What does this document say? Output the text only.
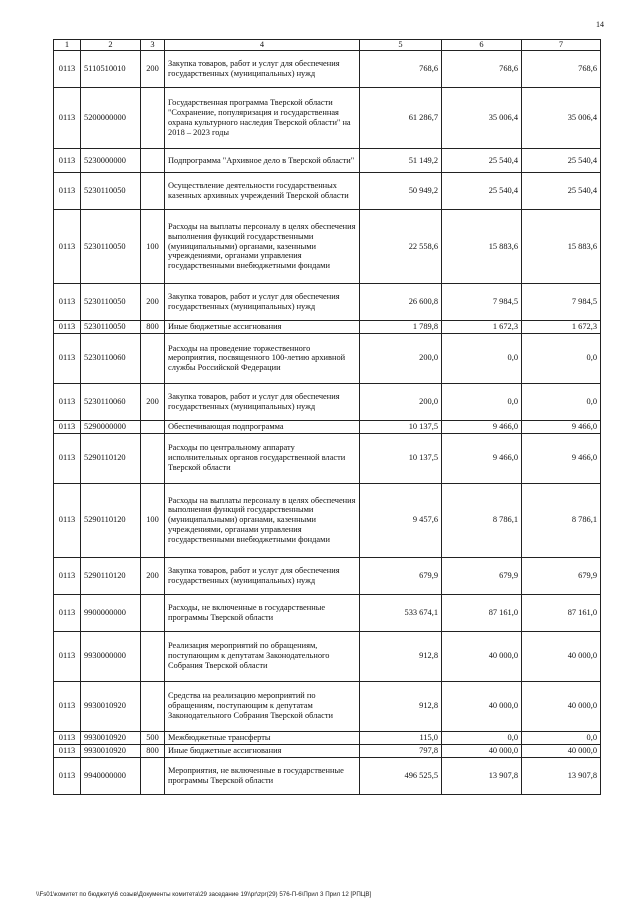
14
1	2	3	4	5	6	7
0113	5110510010	200	Закупка товаров, работ и услуг для обеспечения государственных (муниципальных) нужд	768,6	768,6	768,6
0113	5200000000		Государственная программа Тверской области "Сохранение, популяризация и государственная охрана культурного наследия Тверской области" на 2018 – 2023 годы	61 286,7	35 006,4	35 006,4
0113	5230000000		Подпрограмма "Архивное дело в Тверской области"	51 149,2	25 540,4	25 540,4
0113	5230110050		Осуществление деятельности государственных казенных архивных учреждений Тверской области	50 949,2	25 540,4	25 540,4
0113	5230110050	100	Расходы на выплаты персоналу в целях обеспечения выполнения функций государственными (муниципальными) органами, казенными учреждениями, органами управления государственными внебюджетными фондами	22 558,6	15 883,6	15 883,6
0113	5230110050	200	Закупка товаров, работ и услуг для обеспечения государственных (муниципальных) нужд	26 600,8	7 984,5	7 984,5
0113	5230110050	800	Иные бюджетные ассигнования	1 789,8	1 672,3	1 672,3
0113	5230110060		Расходы на проведение торжественного мероприятия, посвященного 100-летию архивной службы Российской Федерации	200,0	0,0	0,0
0113	5230110060	200	Закупка товаров, работ и услуг для обеспечения государственных (муниципальных) нужд	200,0	0,0	0,0
0113	5290000000		Обеспечивающая подпрограмма	10 137,5	9 466,0	9 466,0
0113	5290110120		Расходы по центральному аппарату исполнительных органов государственной власти Тверской области	10 137,5	9 466,0	9 466,0
0113	5290110120	100	Расходы на выплаты персоналу в целях обеспечения выполнения функций государственными (муниципальными) органами, казенными учреждениями, органами управления государственными внебюджетными фондами	9 457,6	8 786,1	8 786,1
0113	5290110120	200	Закупка товаров, работ и услуг для обеспечения государственных (муниципальных) нужд	679,9	679,9	679,9
0113	9900000000		Расходы, не включенные в государственные программы Тверской области	533 674,1	87 161,0	87 161,0
0113	9930000000		Реализация мероприятий по обращениям, поступающим к депутатам Законодательного Собрания Тверской области	912,8	40 000,0	40 000,0
0113	9930010920		Средства на реализацию мероприятий по обращениям, поступающим к депутатам Законодательного Собрания Тверской области	912,8	40 000,0	40 000,0
0113	9930010920	500	Межбюджетные трансферты	115,0	0,0	0,0
0113	9930010920	800	Иные бюджетные ассигнования	797,8	40 000,0	40 000,0
0113	9940000000		Мероприятия, не включенные в государственные программы Тверской области	496 525,5	13 907,8	13 907,8
\\Fs01\комитет по бюджету\6 созыв\Документы комитета\29 заседание 19\\pr\zpr(29) 576-П-6\Прил 3 Прил 12 [РПЦВ]
